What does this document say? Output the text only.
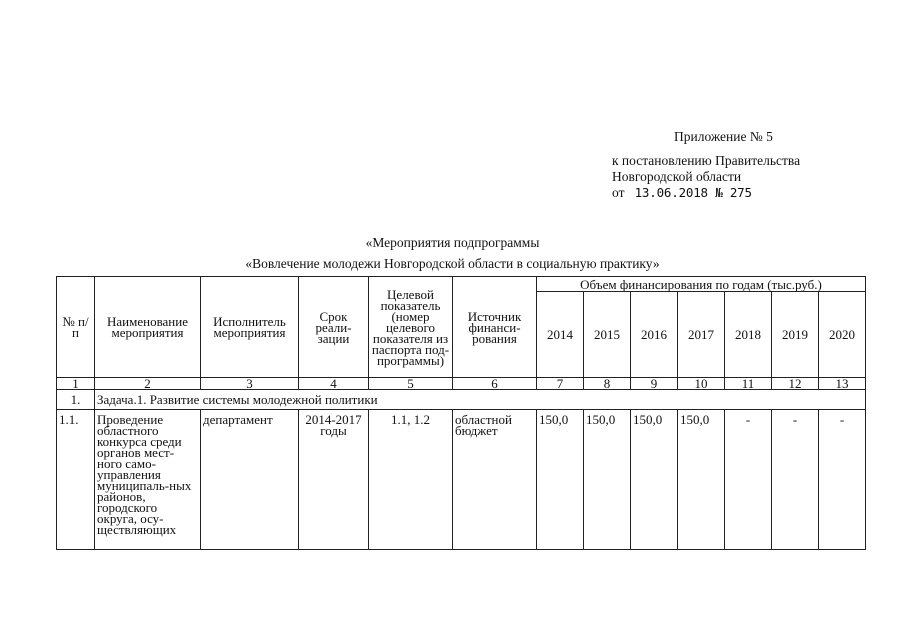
Приложение № 5
к постановлению Правительства
Новгородской области
от 13.06.2018 № 275
«Мероприятия подпрограммы
«Вовлечение молодежи Новгородской области в социальную практику»
№ п/п	Наименование мероприятия	Исполнитель мероприятия	Срок реали-зации	Целевой показатель (номер целевого показателя из паспорта под-программы)	Источник финанси-рования	Объем финансирования по годам (тыс.руб.)						
						2014	2015	2016	2017	2018	2019	2020
1	2	3	4	5	6	7	8	9	10	11	12	13
1.	Задача.1. Развитие системы молодежной политики											
1.1.	Проведение областного конкурса среди органов мест-ного само-управления муниципаль-ных районов, городского округа, осу-ществляющих	департамент	2014-2017 годы	1.1, 1.2	областной бюджет	150,0	150,0	150,0	150,0	-	-	-
